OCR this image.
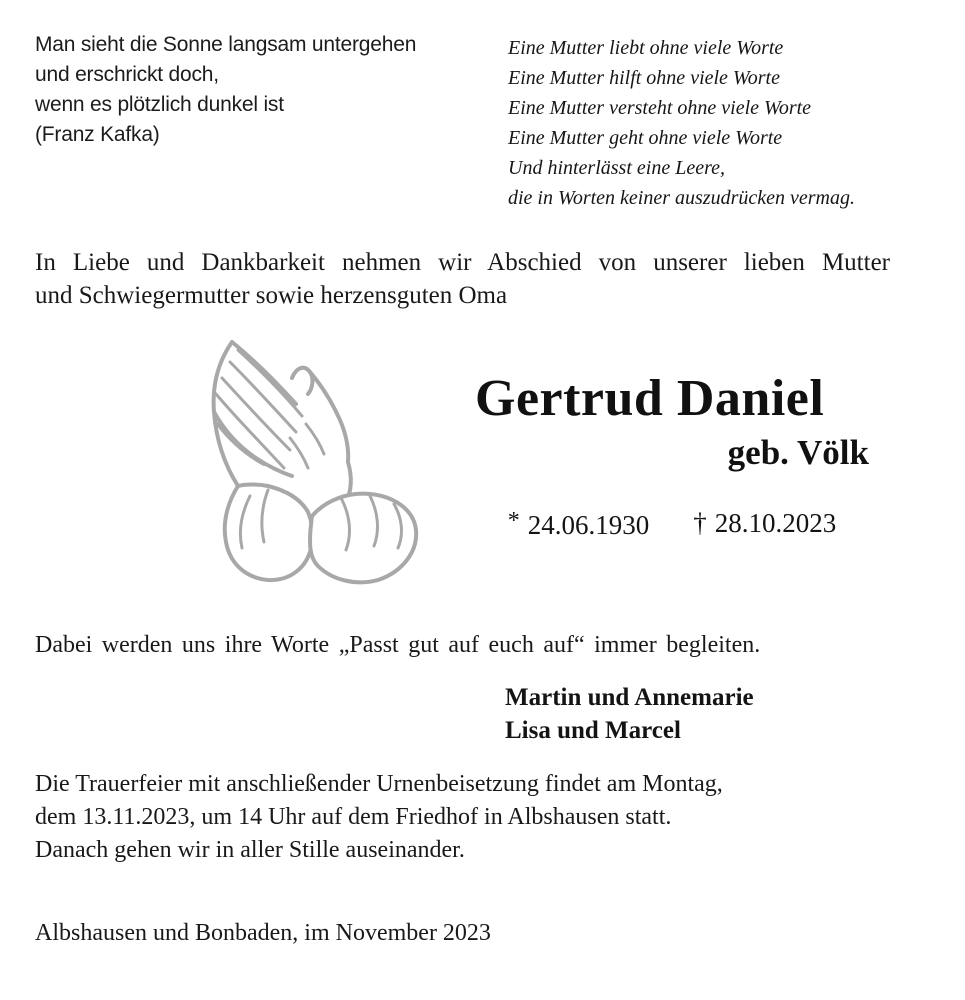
Man sieht die Sonne langsam untergehen
und erschrickt doch,
wenn es plötzlich dunkel ist
(Franz Kafka)
Eine Mutter liebt ohne viele Worte
Eine Mutter hilft ohne viele Worte
Eine Mutter versteht ohne viele Worte
Eine Mutter geht ohne viele Worte
Und hinterlässt eine Leere,
die in Worten keiner auszudrücken vermag.
In Liebe und Dankbarkeit nehmen wir Abschied von unserer lieben Mutter
und Schwiegermutter sowie herzensguten Oma
Gertrud Daniel
geb. Völk
* 24.06.1930 † 28.10.2023
Dabei werden uns ihre Worte „Passt gut auf euch auf“ immer begleiten.
Martin und Annemarie
Lisa und Marcel
Die Trauerfeier mit anschließender Urnenbeisetzung findet am Montag,
dem 13.11.2023, um 14 Uhr auf dem Friedhof in Albshausen statt.
Danach gehen wir in aller Stille auseinander.
Albshausen und Bonbaden, im November 2023
